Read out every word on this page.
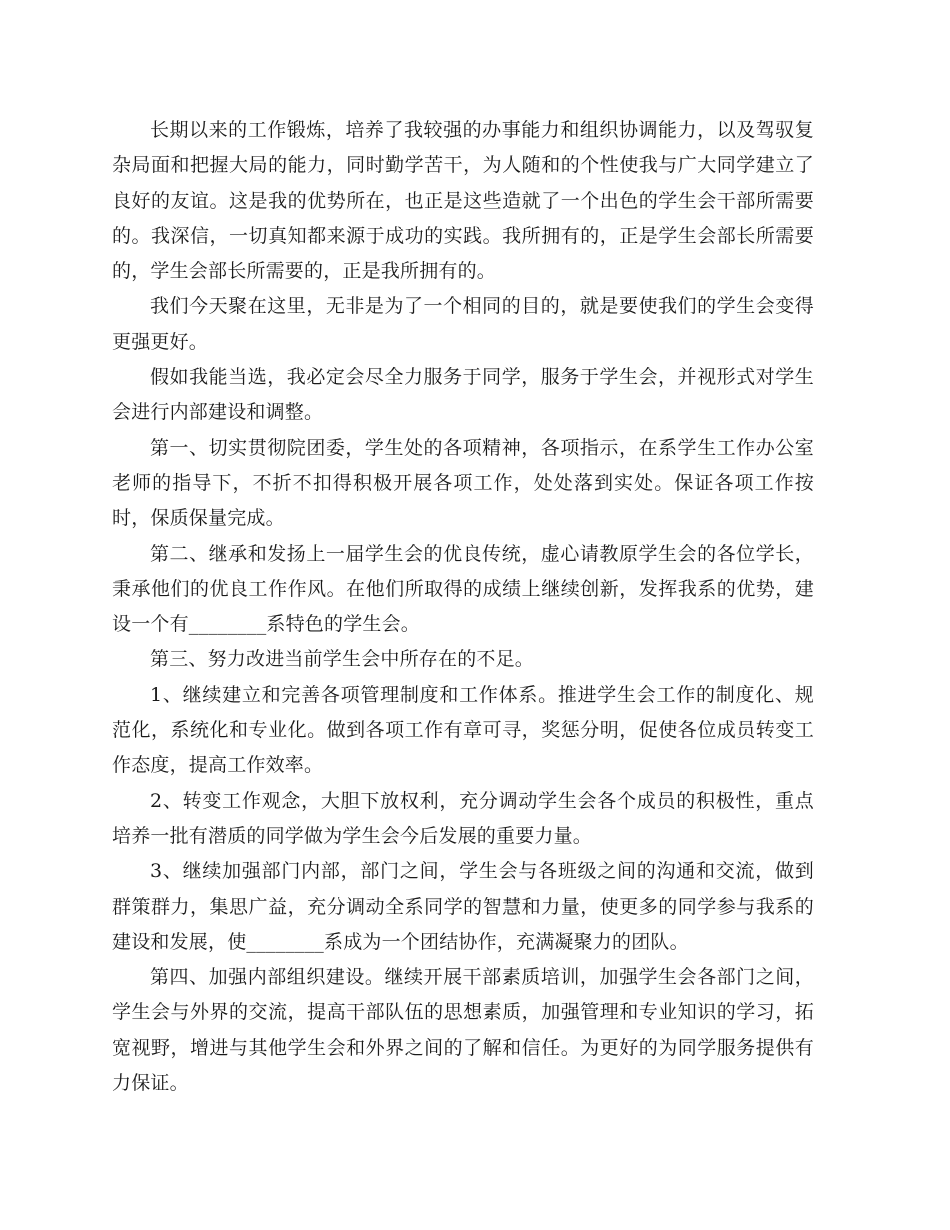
长期以来的工作锻炼，培养了我较强的办事能力和组织协调能力，以及驾驭复杂局面和把握大局的能力，同时勤学苦干，为人随和的个性使我与广大同学建立了良好的友谊。这是我的优势所在，也正是这些造就了一个出色的学生会干部所需要的。我深信，一切真知都来源于成功的实践。我所拥有的，正是学生会部长所需要的，学生会部长所需要的，正是我所拥有的。

我们今天聚在这里，无非是为了一个相同的目的，就是要使我们的学生会变得更强更好。

假如我能当选，我必定会尽全力服务于同学，服务于学生会，并视形式对学生会进行内部建设和调整。

第一、切实贯彻院团委，学生处的各项精神，各项指示，在系学生工作办公室老师的指导下，不折不扣得积极开展各项工作，处处落到实处。保证各项工作按时，保质保量完成。

第二、继承和发扬上一届学生会的优良传统，虚心请教原学生会的各位学长，秉承他们的优良工作作风。在他们所取得的成绩上继续创新，发挥我系的优势，建设一个有________系特色的学生会。

第三、努力改进当前学生会中所存在的不足。

1、继续建立和完善各项管理制度和工作体系。推进学生会工作的制度化、规范化，系统化和专业化。做到各项工作有章可寻，奖惩分明，促使各位成员转变工作态度，提高工作效率。

2、转变工作观念，大胆下放权利，充分调动学生会各个成员的积极性，重点培养一批有潜质的同学做为学生会今后发展的重要力量。

3、继续加强部门内部，部门之间，学生会与各班级之间的沟通和交流，做到群策群力，集思广益，充分调动全系同学的智慧和力量，使更多的同学参与我系的建设和发展，使________系成为一个团结协作，充满凝聚力的团队。

第四、加强内部组织建设。继续开展干部素质培训，加强学生会各部门之间，学生会与外界的交流，提高干部队伍的思想素质，加强管理和专业知识的学习，拓宽视野，增进与其他学生会和外界之间的了解和信任。为更好的为同学服务提供有力保证。
